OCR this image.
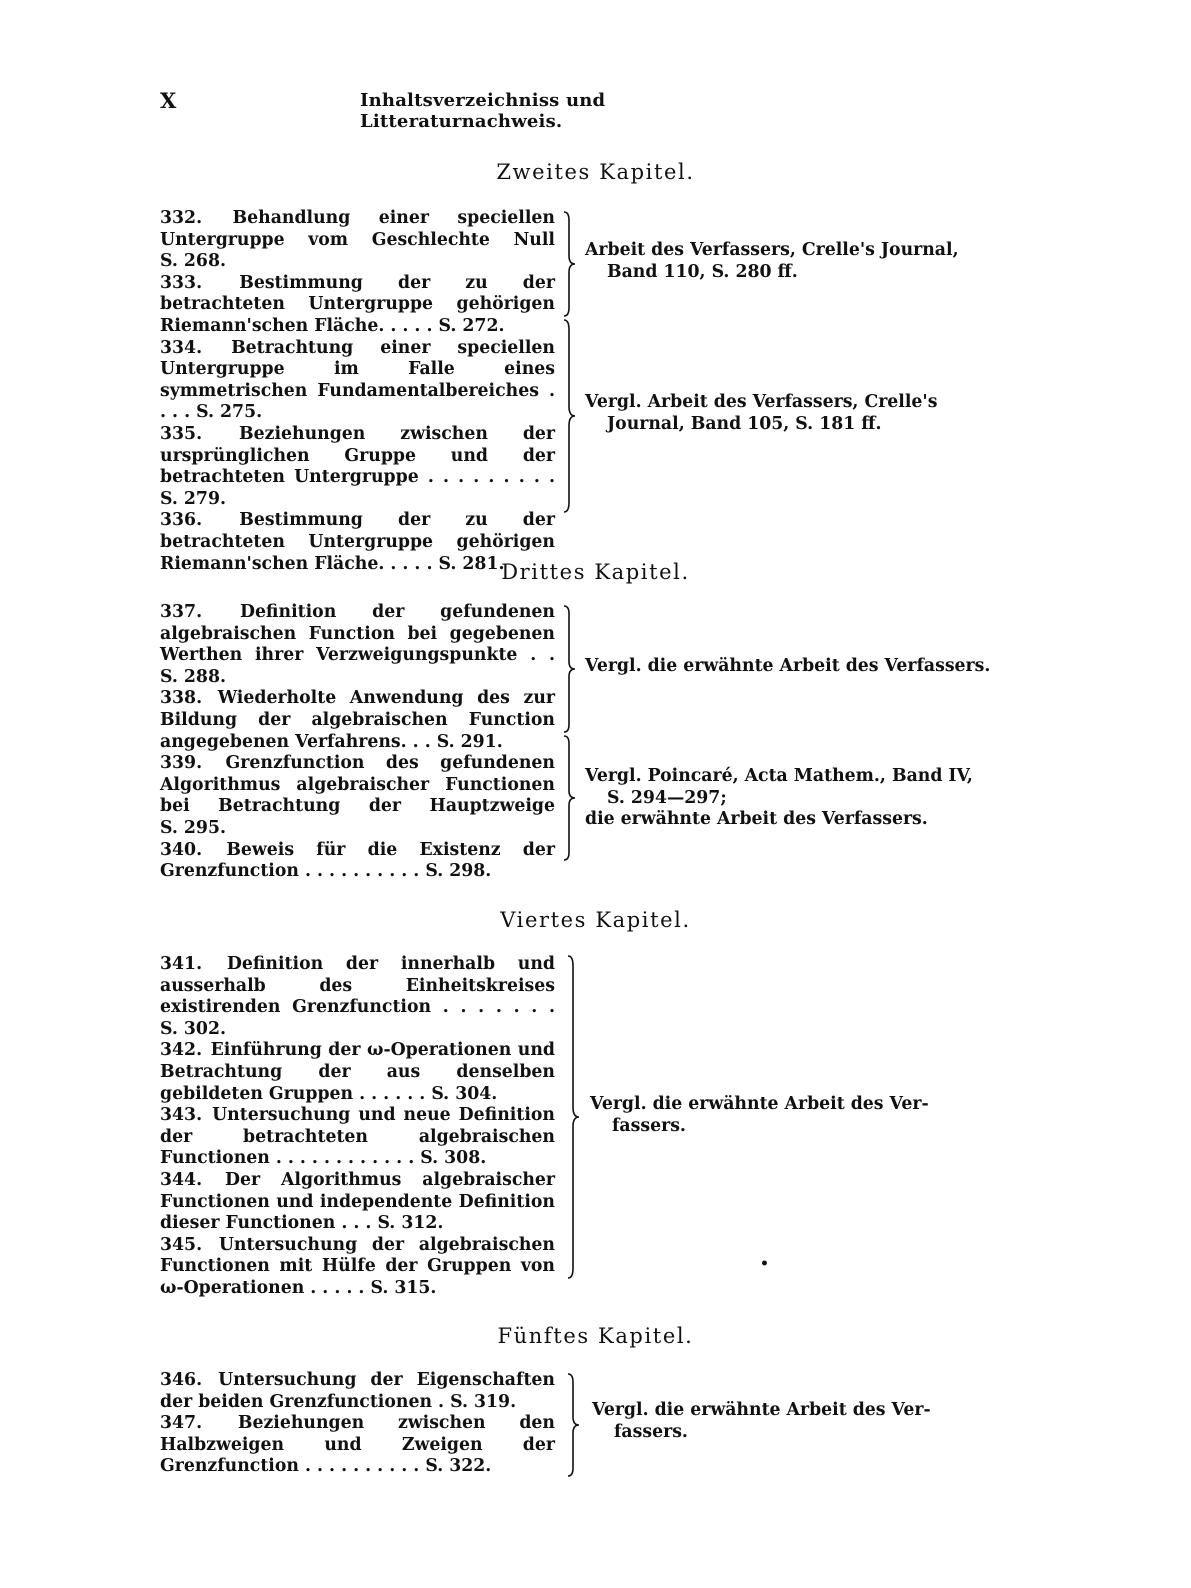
X	Inhaltsverzeichniss und Litteraturnachweis.
Zweites Kapitel.
332. Behandlung einer speciellen Untergruppe vom Geschlechte Null S. 268.
333. Bestimmung der zu der betrachteten Untergruppe gehörigen Riemann'schen Fläche. . . . . S. 272.
334. Betrachtung einer speciellen Untergruppe im Falle eines symmetrischen Fundamentalbereiches . . . . S. 275.
335. Beziehungen zwischen der ursprünglichen Gruppe und der betrachteten Untergruppe . . . . . . . . . S. 279.
336. Bestimmung der zu der betrachteten Untergruppe gehörigen Riemann'schen Fläche. . . . . S. 281.
Arbeit des Verfassers, Crelle's Journal,
Band 110, S. 280 ff.
Vergl. Arbeit des Verfassers, Crelle's
Journal, Band 105, S. 181 ff.
Drittes Kapitel.
337. Definition der gefundenen algebraischen Function bei gegebenen Werthen ihrer Verzweigungspunkte . . S. 288.
338. Wiederholte Anwendung des zur Bildung der algebraischen Function angegebenen Verfahrens. . . S. 291.
339. Grenzfunction des gefundenen Algorithmus algebraischer Functionen bei Betrachtung der Hauptzweige S. 295.
340. Beweis für die Existenz der Grenzfunction . . . . . . . . . . S. 298.
Vergl. die erwähnte Arbeit des Verfassers.
Vergl. Poincaré, Acta Mathem., Band IV,
S. 294—297;
die erwähnte Arbeit des Verfassers.
Viertes Kapitel.
341. Definition der innerhalb und ausserhalb des Einheitskreises existirenden Grenzfunction . . . . . . . S. 302.
342. Einführung der ω-Operationen und Betrachtung der aus denselben gebildeten Gruppen . . . . . . S. 304.
343. Untersuchung und neue Definition der betrachteten algebraischen Functionen . . . . . . . . . . . . S. 308.
344. Der Algorithmus algebraischer Functionen und independente Definition dieser Functionen . . . S. 312.
345. Untersuchung der algebraischen Functionen mit Hülfe der Gruppen von ω-Operationen . . . . . S. 315.
Vergl. die erwähnte Arbeit des Ver-
fassers.
•
Fünftes Kapitel.
346. Untersuchung der Eigenschaften der beiden Grenzfunctionen . S. 319.
347. Beziehungen zwischen den Halbzweigen und Zweigen der Grenzfunction . . . . . . . . . . S. 322.
Vergl. die erwähnte Arbeit des Ver-
fassers.
